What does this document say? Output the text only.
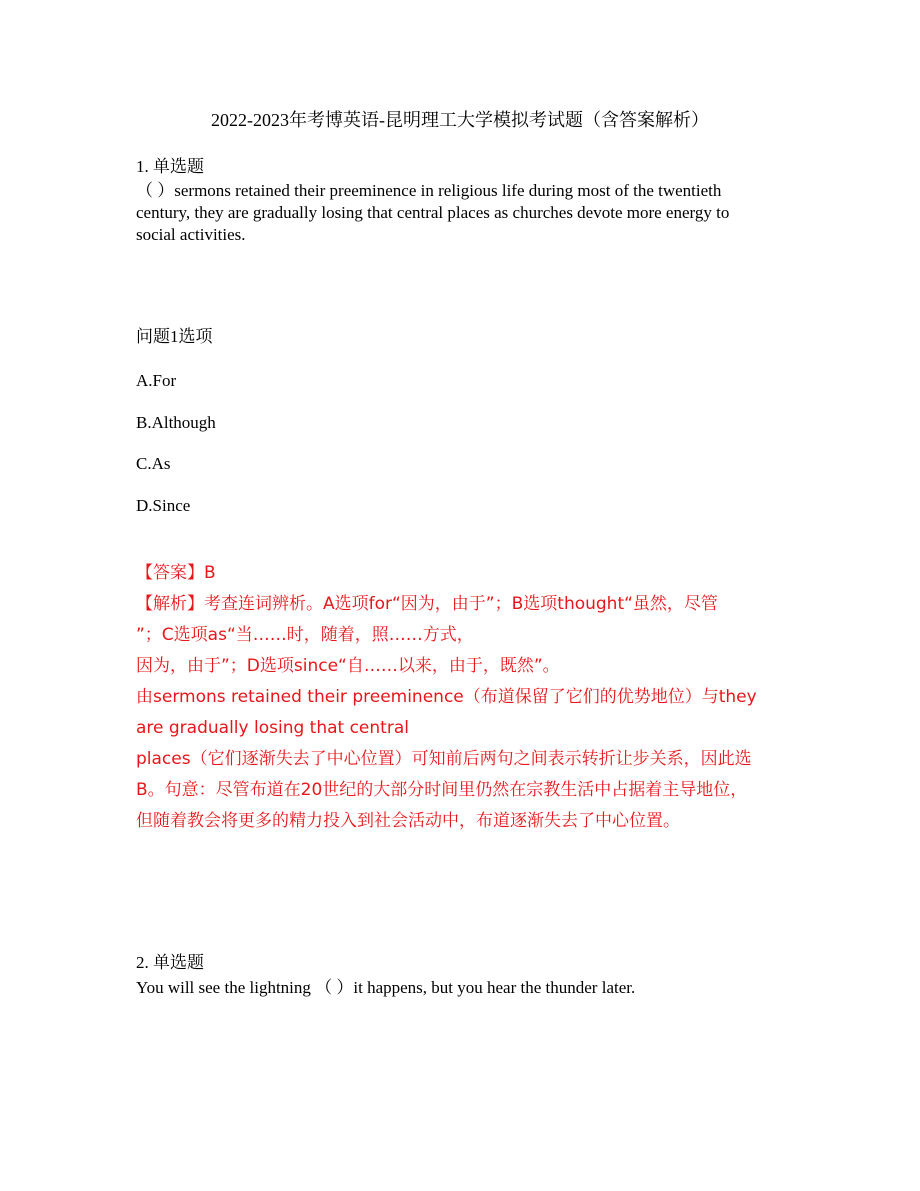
2022-2023年考博英语-昆明理工大学模拟考试题（含答案解析）
1. 单选题
（ ）sermons retained their preeminence in religious life during most of the twentieth
century, they are gradually losing that central places as churches devote more energy to
social activities.
问题1选项
A.For
B.Although
C.As
D.Since
【答案】B
【解析】考查连词辨析。A选项for“因为，由于”；B选项thought“虽然，尽管
”；C选项as“当……时，随着，照……方式，
因为，由于”；D选项since“自……以来，由于，既然”。
由sermons retained their preeminence（布道保留了它们的优势地位）与they
are gradually losing that central
places（它们逐渐失去了中心位置）可知前后两句之间表示转折让步关系，因此选
B。句意：尽管布道在20世纪的大部分时间里仍然在宗教生活中占据着主导地位，
但随着教会将更多的精力投入到社会活动中，布道逐渐失去了中心位置。
2. 单选题
You will see the lightning （ ）it happens, but you hear the thunder later.
